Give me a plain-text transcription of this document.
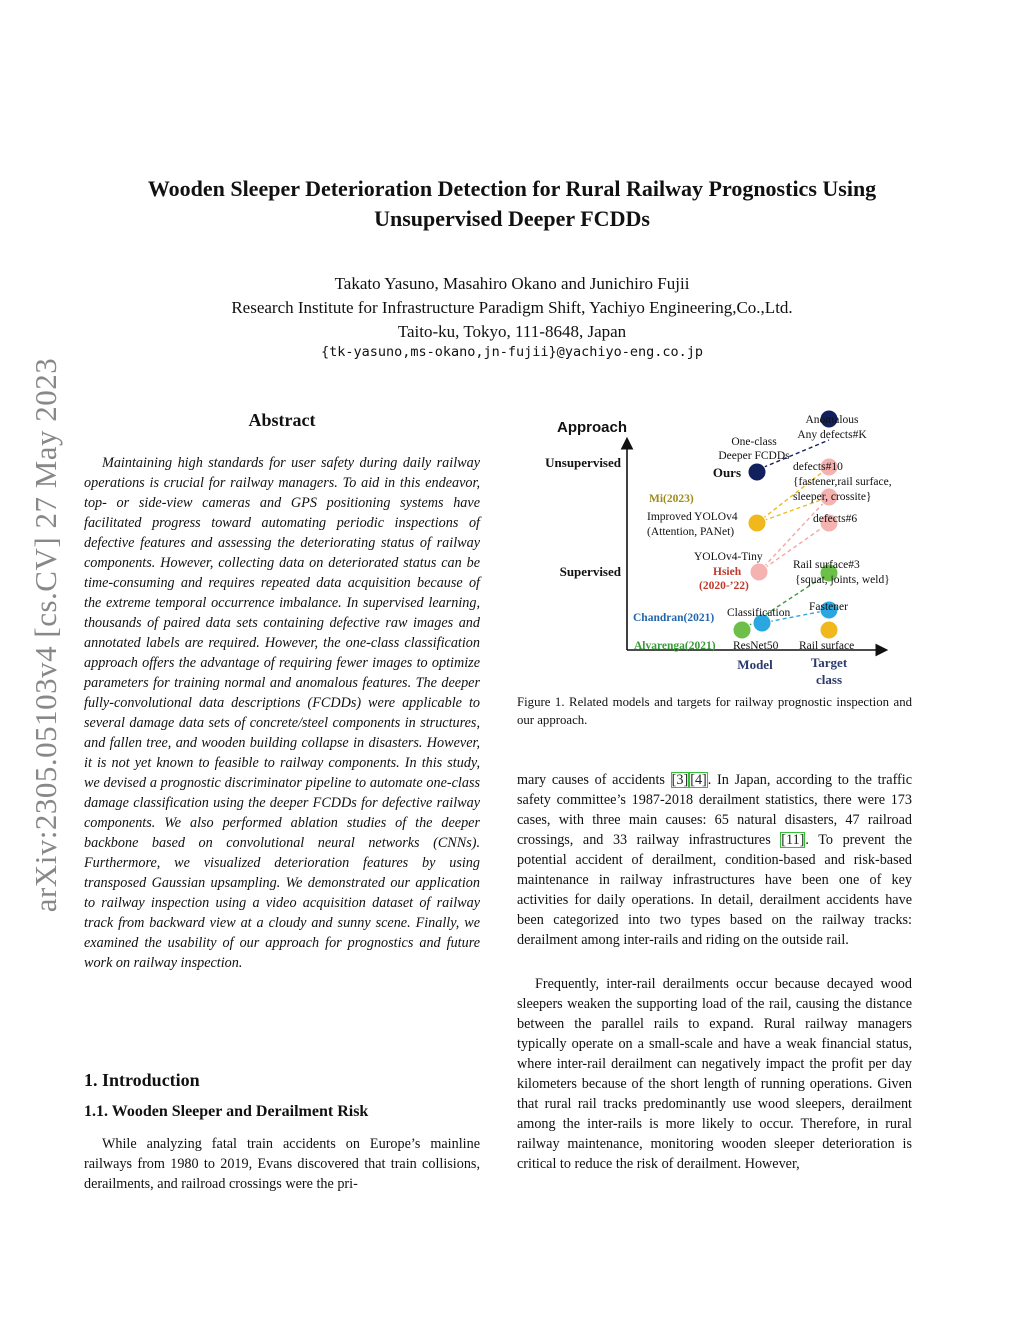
arXiv:2305.05103v4 [cs.CV] 27 May 2023
Wooden Sleeper Deterioration Detection for Rural Railway Prognostics Using
Unsupervised Deeper FCDDs
Takato Yasuno, Masahiro Okano and Junichiro Fujii
Research Institute for Infrastructure Paradigm Shift, Yachiyo Engineering,Co.,Ltd.
Taito-ku, Tokyo, 111-8648, Japan
{tk-yasuno,ms-okano,jn-fujii}@yachiyo-eng.co.jp
Abstract
Maintaining high standards for user safety during daily railway operations is crucial for railway managers. To aid in this endeavor, top- or side-view cameras and GPS positioning systems have facilitated progress toward automating periodic inspections of defective features and assessing the deteriorating status of railway components. However, collecting data on deteriorated status can be time-consuming and requires repeated data acquisition because of the extreme temporal occurrence imbalance. In supervised learning, thousands of paired data sets containing defective raw images and annotated labels are required. However, the one-class classification approach offers the advantage of requiring fewer images to optimize parameters for training normal and anomalous features. The deeper fully-convolutional data descriptions (FCDDs) were applicable to several damage data sets of concrete/steel components in structures, and fallen tree, and wooden building collapse in disasters. However, it is not yet known to feasible to railway components. In this study, we devised a prognostic discriminator pipeline to automate one-class damage classification using the deeper FCDDs for defective railway components. We also performed ablation studies of the deeper backbone based on convolutional neural networks (CNNs). Furthermore, we visualized deterioration features by using transposed Gaussian upsampling. We demonstrated our application to railway inspection using a video acquisition dataset of railway track from backward view at a cloudy and sunny scene. Finally, we examined the usability of our approach for prognostics and future work on railway inspection.
1. Introduction
1.1. Wooden Sleeper and Derailment Risk
While analyzing fatal train accidents on Europe’s mainline railways from 1980 to 2019, Evans discovered that train collisions, derailments, and railroad crossings were the pri-
Approach
Unsupervised
Supervised
Model	Target
class
Anomalous
Any defects#K
One-class
Deeper FCDDs
Ours	defects#10
{fastener,rail surface,
sleeper, crossite}
Mi(2023)
Improved YOLOv4
(Attention, PANet)
defects#6
YOLOv4-Tiny
Hsieh
(2020-’22)
Rail surface#3
{squat, joints, weld}
Chandran(2021) Classification Fastener
Alvarenga(2021) ResNet50 Rail surface
Figure 1. Related models and targets for railway prognostic inspection and our approach.
mary causes of accidents [3] [4]. In Japan, according to the traffic safety committee’s 1987-2018 derailment statistics, there were 173 cases, with three main causes: 65 natural disasters, 47 railroad crossings, and 33 railway infrastructures [11]. To prevent the potential accident of derailment, condition-based and risk-based maintenance in railway infrastructures have been one of key activities for daily operations. In detail, derailment accidents have been categorized into two types based on the railway tracks: derailment among inter-rails and riding on the outside rail.
Frequently, inter-rail derailments occur because decayed wood sleepers weaken the supporting load of the rail, causing the distance between the parallel rails to expand. Rural railway managers typically operate on a small-scale and have a weak financial status, where inter-rail derailment can negatively impact the profit per day kilometers because of the short length of running operations. Given that rural rail tracks predominantly use wood sleepers, derailment among the inter-rails is more likely to occur. Therefore, in rural railway maintenance, monitoring wooden sleeper deterioration is critical to reduce the risk of derailment. However,
